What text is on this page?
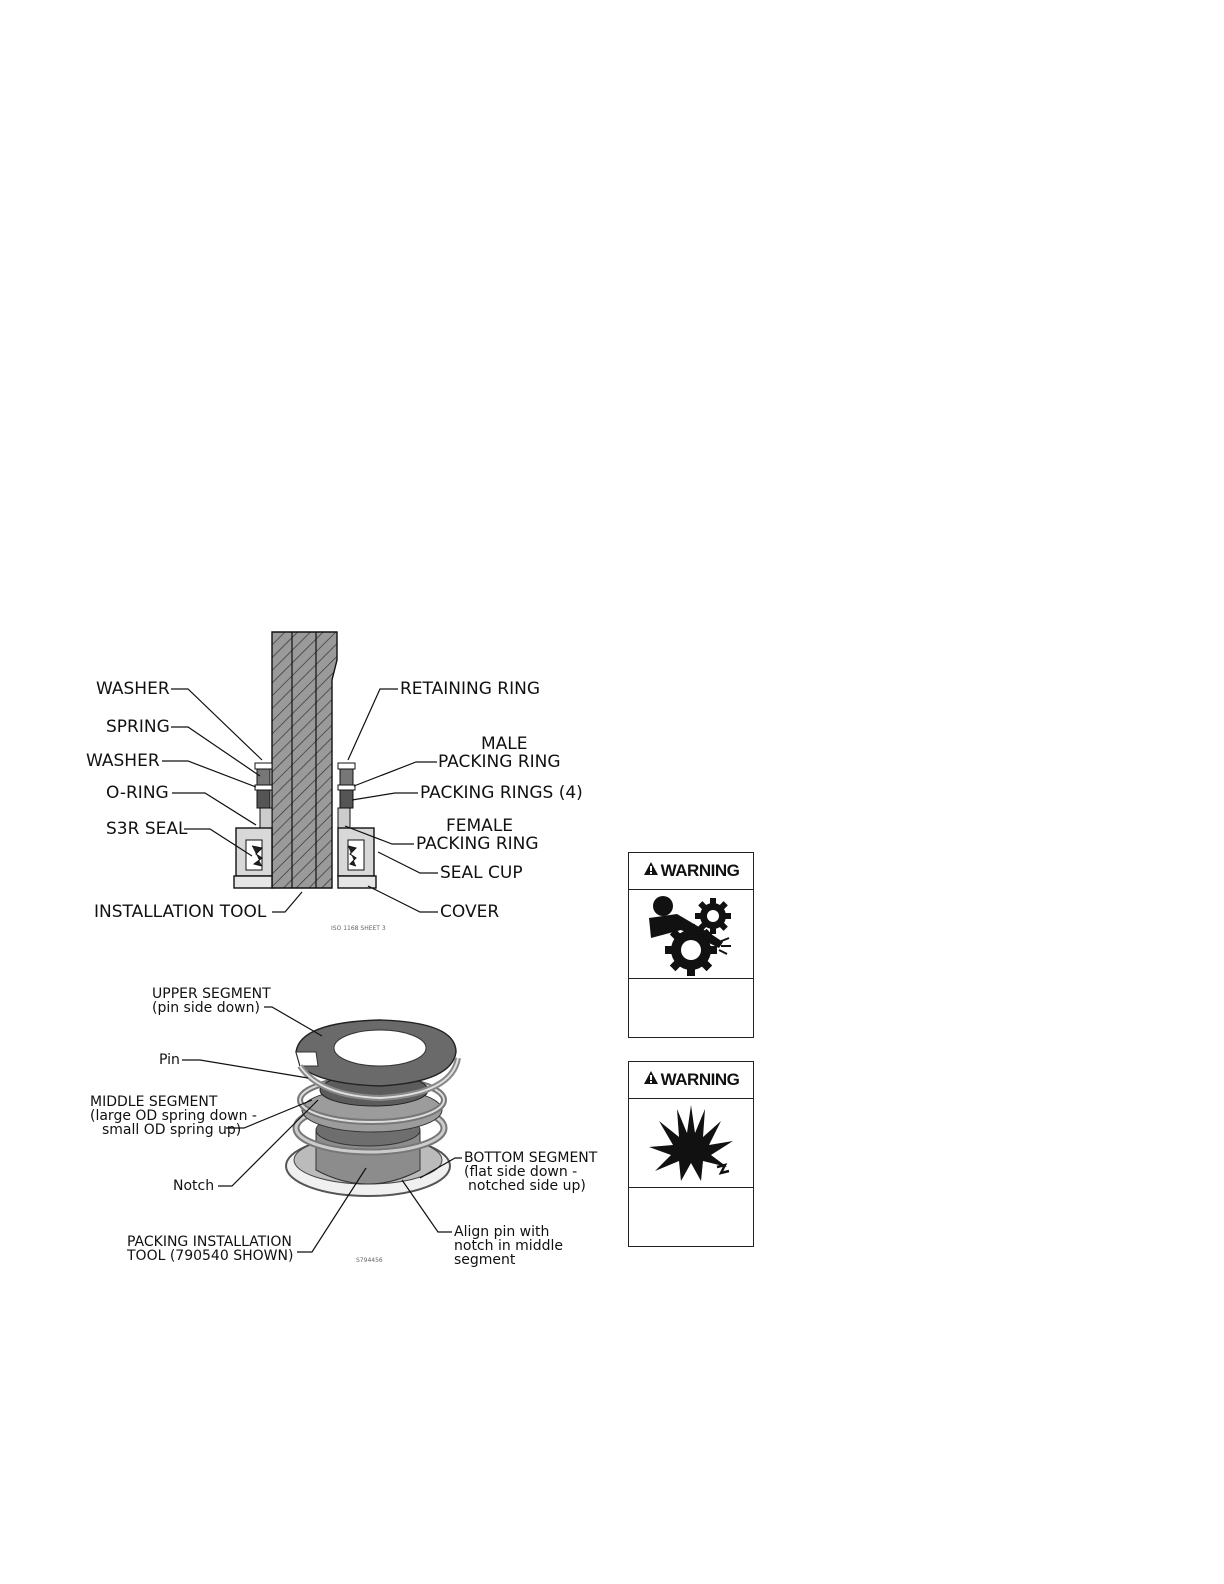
WASHER
SPRING
WASHER
O-RING
S3R SEAL
INSTALLATION TOOL
RETAINING RING
MALE
PACKING RING
PACKING RINGS (4)
FEMALE
PACKING RING
SEAL CUP
COVER
ISO 1168 SHEET 3
UPPER SEGMENT
(pin side down)
Pin
MIDDLE SEGMENT
(large OD spring down -
small OD spring up)
Notch
PACKING INSTALLATION
TOOL (790540 SHOWN)
BOTTOM SEGMENT
(flat side down -
notched side up)
Align pin with
notch in middle
segment
S794456
WARNING
WARNING
